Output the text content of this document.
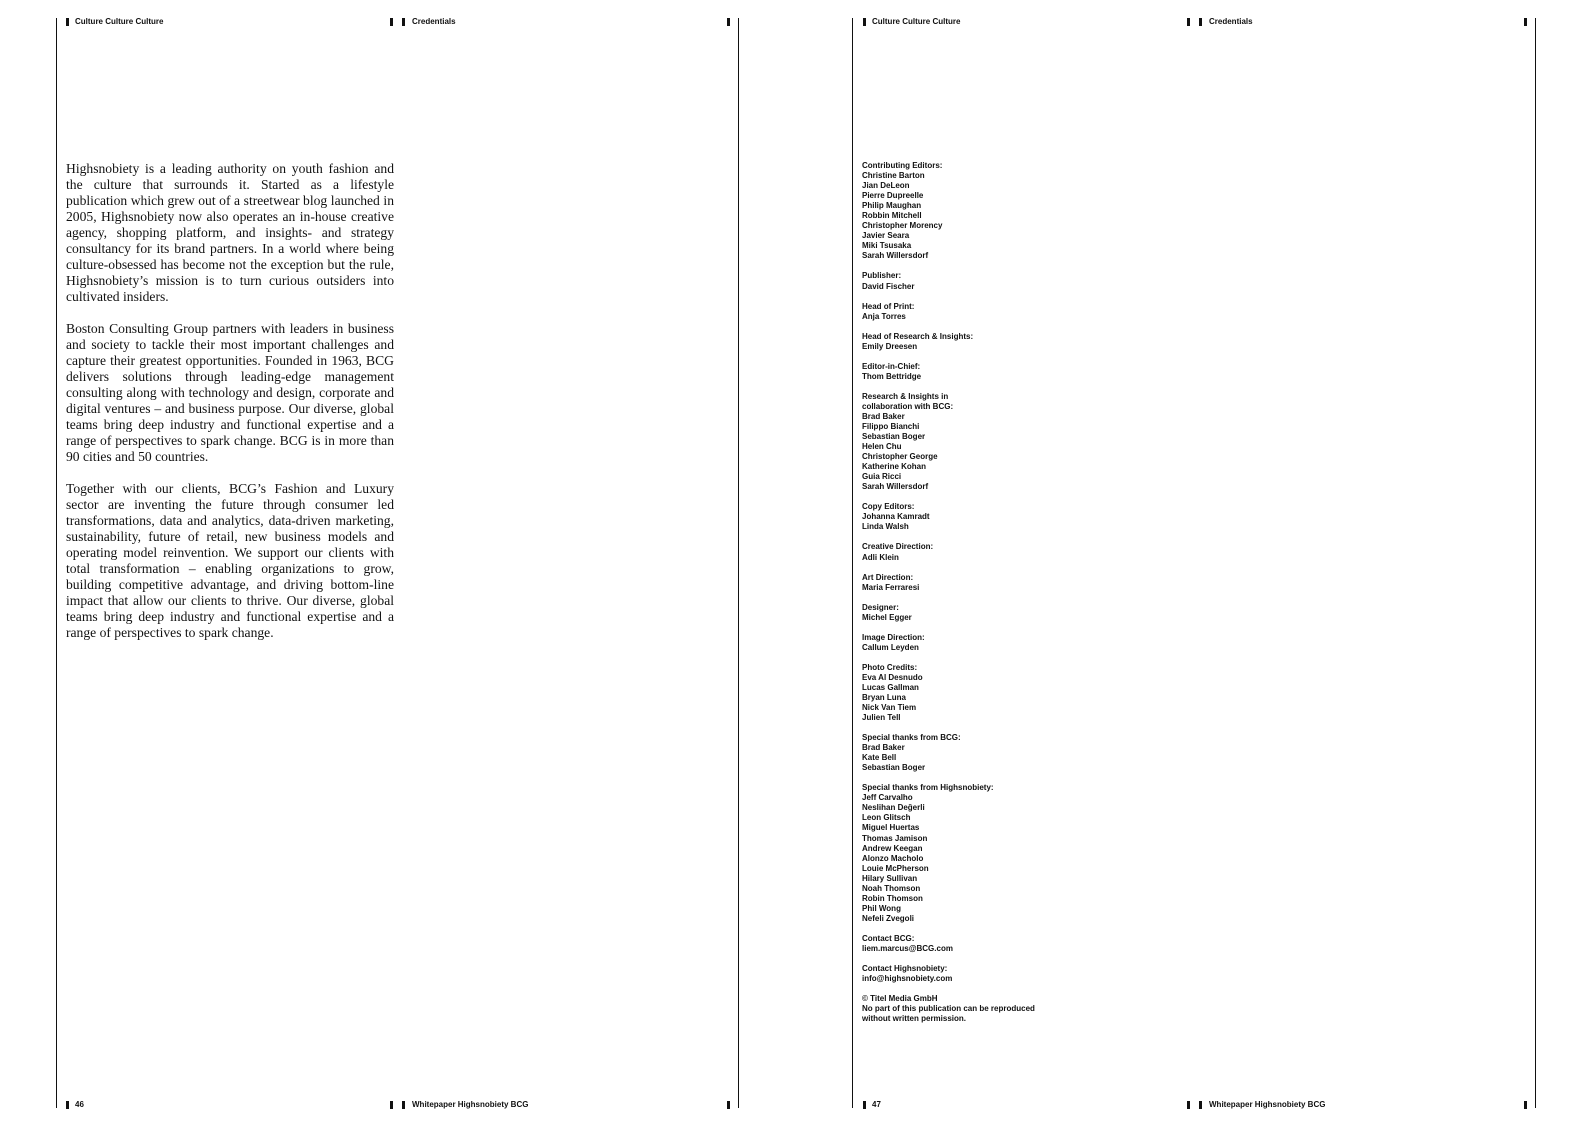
Culture Culture Culture	Credentials

Highsnobiety is a leading authority on youth fashion and the culture that surrounds it. Started as a lifestyle publication which grew out of a streetwear blog launched in 2005, Highsnobiety now also operates an in-house creative agency, shopping platform, and insights- and strategy consultancy for its brand partners. In a world where being culture-obsessed has become not the exception but the rule, Highsnobiety’s mission is to turn curious outsiders into cultivated insiders.

Boston Consulting Group partners with leaders in business and society to tackle their most important challenges and capture their greatest opportunities. Founded in 1963, BCG delivers solutions through leading-edge management consulting along with technology and design, corporate and digital ventures – and business purpose. Our diverse, global teams bring deep industry and functional expertise and a range of perspectives to spark change. BCG is in more than 90 cities and 50 countries.

Together with our clients, BCG’s Fashion and Luxury sector are inventing the future through consumer led transformations, data and analytics, data-driven marketing, sustainability, future of retail, new business models and operating model reinvention. We support our clients with total transformation – enabling organizations to grow, building competitive advantage, and driving bottom-line impact that allow our clients to thrive. Our diverse, global teams bring deep industry and functional expertise and a range of perspectives to spark change.

46	Whitepaper Highsnobiety BCG
Culture Culture Culture	Credentials
Contributing Editors:
Christine Barton
Jian DeLeon
Pierre Dupreelle
Philip Maughan
Robbin Mitchell
Christopher Morency
Javier Seara
Miki Tsusaka
Sarah Willersdorf
Publisher:
David Fischer
Head of Print:
Anja Torres
Head of Research & Insights:
Emily Dreesen
Editor-in-Chief:
Thom Bettridge
Research & Insights in
collaboration with BCG:
Brad Baker
Filippo Bianchi
Sebastian Boger
Helen Chu
Christopher George
Katherine Kohan
Guia Ricci
Sarah Willersdorf
Copy Editors:
Johanna Kamradt
Linda Walsh
Creative Direction:
Adli Klein
Art Direction:
Maria Ferraresi
Designer:
Michel Egger
Image Direction:
Callum Leyden
Photo Credits:
Eva Al Desnudo
Lucas Gallman
Bryan Luna
Nick Van Tiem
Julien Tell
Special thanks from BCG:
Brad Baker
Kate Bell
Sebastian Boger
Special thanks from Highsnobiety:
Jeff Carvalho
Neslihan Değerli
Leon Glitsch
Miguel Huertas
Thomas Jamison
Andrew Keegan
Alonzo Macholo
Louie McPherson
Hilary Sullivan
Noah Thomson
Robin Thomson
Phil Wong
Nefeli Zvegoli
Contact BCG:
liem.marcus@BCG.com
Contact Highsnobiety:
info@highsnobiety.com
© Titel Media GmbH
No part of this publication can be reproduced
without written permission.
47	Whitepaper Highsnobiety BCG
